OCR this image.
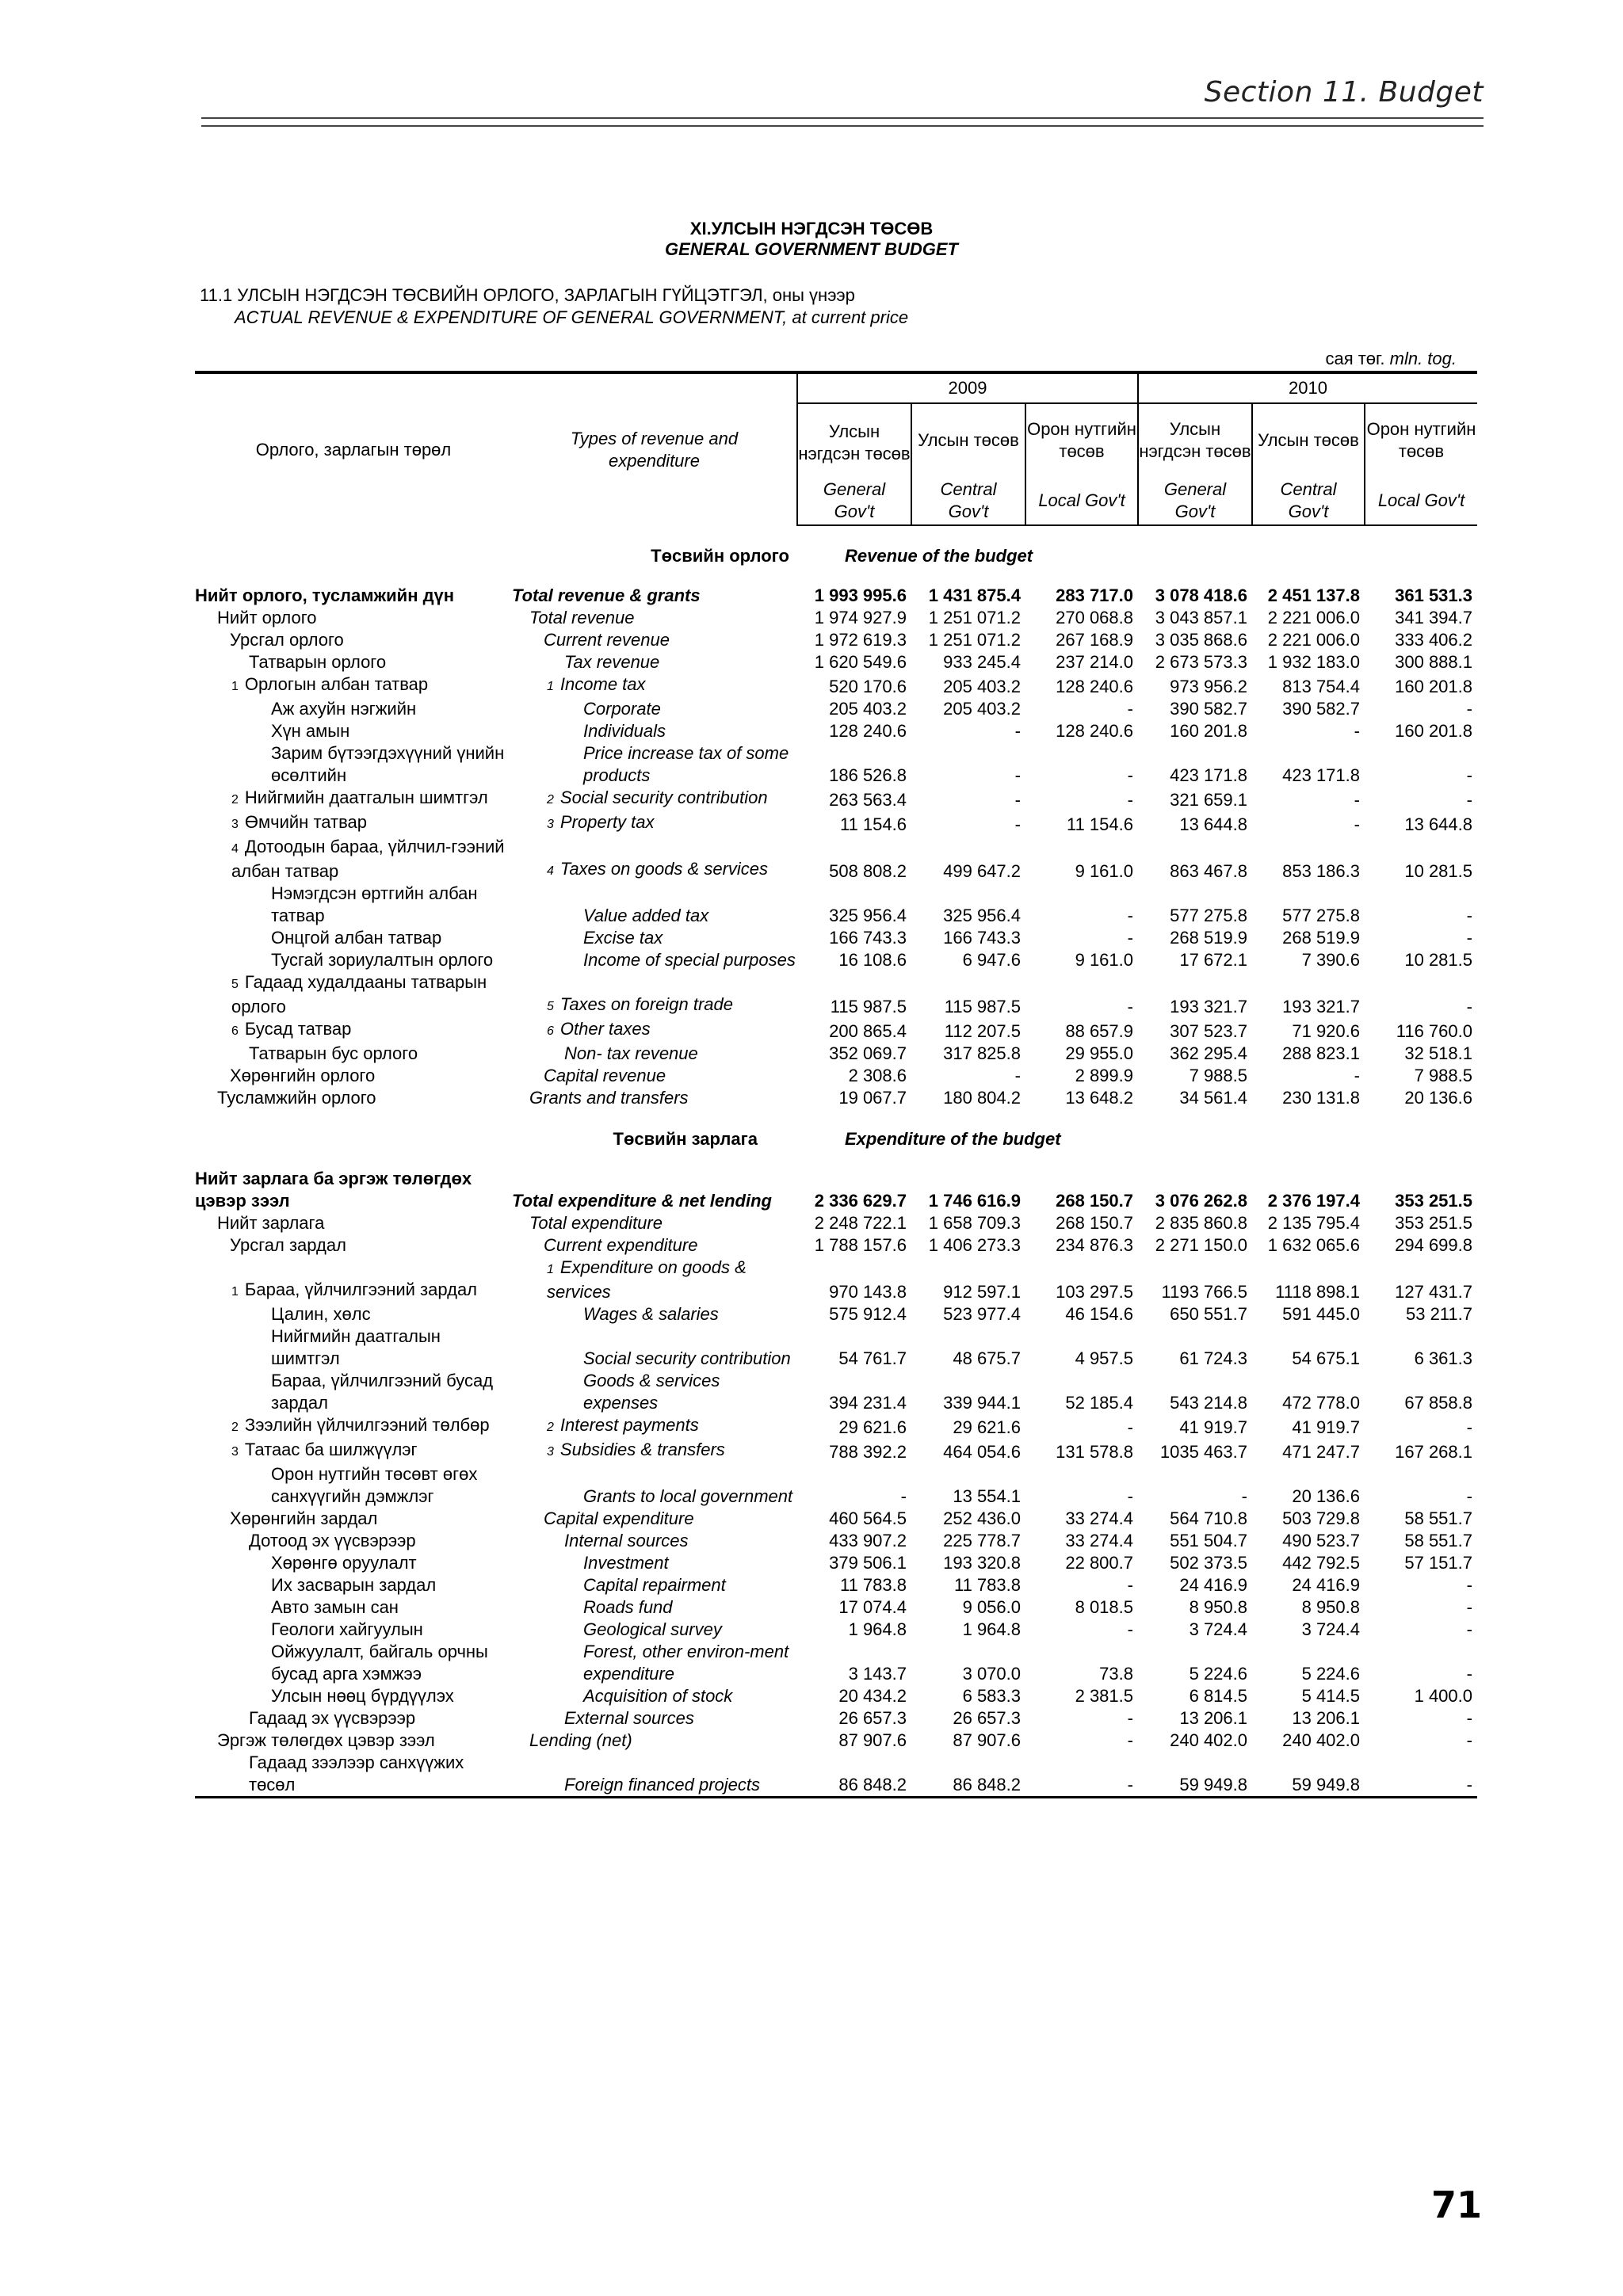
Section 11. Budget
XI.УЛСЫН НЭГДСЭН ТӨСӨВ
GENERAL GOVERNMENT BUDGET
11.1 УЛСЫН НЭГДСЭН ТӨСВИЙН ОРЛОГО, ЗАРЛАГЫН ГҮЙЦЭТГЭЛ, оны үнээр
ACTUAL REVENUE & EXPENDITURE OF GENERAL GOVERNMENT, at current price
сая төг. mln. tog.
Орлого, зарлагын төрөл	Types of revenue and expenditure	2009			2010		
		Улсын нэгдсэн төсөв	Улсын төсөв	Орон нутгийн төсөв	Улсын нэгдсэн төсөв	Улсын төсөв	Орон нутгийн төсөв
		General Gov't	Central Gov't	Local Gov't	General Gov't	Central Gov't	Local Gov't
Төсвийн орлого		Revenue of the budget					
Нийт орлого, тусламжийн дүн	Total revenue & grants	1 993 995.6	1 431 875.4	283 717.0	3 078 418.6	2 451 137.8	361 531.3
Нийт орлого	Total revenue	1 974 927.9	1 251 071.2	270 068.8	3 043 857.1	2 221 006.0	341 394.7
Урсгал орлого	Current revenue	1 972 619.3	1 251 071.2	267 168.9	3 035 868.6	2 221 006.0	333 406.2
Татварын орлого	Tax revenue	1 620 549.6	933 245.4	237 214.0	2 673 573.3	1 932 183.0	300 888.1
1 Орлогын албан татвар	1 Income tax	520 170.6	205 403.2	128 240.6	973 956.2	813 754.4	160 201.8
Аж ахуйн нэгжийн	Corporate	205 403.2	205 403.2	-	390 582.7	390 582.7	-
Хүн амын	Individuals	128 240.6	-	128 240.6	160 201.8	-	160 201.8
Зарим бүтээгдэхүүний үнийн өсөлтийн	Price increase tax of some products	186 526.8	-	-	423 171.8	423 171.8	-
2 Нийгмийн даатгалын шимтгэл	2 Social security contribution	263 563.4	-	-	321 659.1	-	-
3 Өмчийн татвар	3 Property tax	11 154.6	-	11 154.6	13 644.8	-	13 644.8
4 Дотоодын бараа, үйлчил-гээний албан татвар	4 Taxes on goods & services	508 808.2	499 647.2	9 161.0	863 467.8	853 186.3	10 281.5
Нэмэгдсэн өртгийн албан татвар	Value added tax	325 956.4	325 956.4	-	577 275.8	577 275.8	-
Онцгой албан татвар	Excise tax	166 743.3	166 743.3	-	268 519.9	268 519.9	-
Тусгай зориулалтын орлого	Income of special purposes	16 108.6	6 947.6	9 161.0	17 672.1	7 390.6	10 281.5
5 Гадаад худалдааны татварын орлого	5 Taxes on foreign trade	115 987.5	115 987.5	-	193 321.7	193 321.7	-
6 Бусад татвар	6 Other taxes	200 865.4	112 207.5	88 657.9	307 523.7	71 920.6	116 760.0
Татварын бус орлого	Non- tax revenue	352 069.7	317 825.8	29 955.0	362 295.4	288 823.1	32 518.1
Хөрөнгийн орлого	Capital revenue	2 308.6	-	2 899.9	7 988.5	-	7 988.5
Тусламжийн орлого	Grants and transfers	19 067.7	180 804.2	13 648.2	34 561.4	230 131.8	20 136.6
Төсвийн зарлага		Expenditure of the budget					
Нийт зарлага ба эргэж төлөгдөх цэвэр зээл	Total expenditure & net lending	2 336 629.7	1 746 616.9	268 150.7	3 076 262.8	2 376 197.4	353 251.5
Нийт зарлага	Total expenditure	2 248 722.1	1 658 709.3	268 150.7	2 835 860.8	2 135 795.4	353 251.5
Урсгал зардал	Current expenditure	1 788 157.6	1 406 273.3	234 876.3	2 271 150.0	1 632 065.6	294 699.8
1 Бараа, үйлчилгээний зардал	1 Expenditure on goods & services	970 143.8	912 597.1	103 297.5	1193 766.5	1118 898.1	127 431.7
Цалин, хөлс	Wages & salaries	575 912.4	523 977.4	46 154.6	650 551.7	591 445.0	53 211.7
Нийгмийн даатгалын шимтгэл	Social security contribution	54 761.7	48 675.7	4 957.5	61 724.3	54 675.1	6 361.3
Бараа, үйлчилгээний бусад зардал	Goods & services expenses	394 231.4	339 944.1	52 185.4	543 214.8	472 778.0	67 858.8
2 Зээлийн үйлчилгээний төлбөр	2 Interest payments	29 621.6	29 621.6	-	41 919.7	41 919.7	-
3 Татаас ба шилжүүлэг	3 Subsidies & transfers	788 392.2	464 054.6	131 578.8	1035 463.7	471 247.7	167 268.1
Орон нутгийн төсөвт өгөх санхүүгийн дэмжлэг	Grants to local government	-	13 554.1	-	-	20 136.6	-
Хөрөнгийн зардал	Capital expenditure	460 564.5	252 436.0	33 274.4	564 710.8	503 729.8	58 551.7
Дотоод эх үүсвэрээр	Internal sources	433 907.2	225 778.7	33 274.4	551 504.7	490 523.7	58 551.7
Хөрөнгө оруулалт	Investment	379 506.1	193 320.8	22 800.7	502 373.5	442 792.5	57 151.7
Их засварын зардал	Capital repairment	11 783.8	11 783.8	-	24 416.9	24 416.9	-
Авто замын сан	Roads fund	17 074.4	9 056.0	8 018.5	8 950.8	8 950.8	-
Геологи хайгуулын	Geological survey	1 964.8	1 964.8	-	3 724.4	3 724.4	-
Ойжуулалт, байгаль орчны бусад арга хэмжээ	Forest, other environ-ment expenditure	3 143.7	3 070.0	73.8	5 224.6	5 224.6	-
Улсын нөөц бүрдүүлэх	Acquisition of stock	20 434.2	6 583.3	2 381.5	6 814.5	5 414.5	1 400.0
Гадаад эх үүсвэрээр	External sources	26 657.3	26 657.3	-	13 206.1	13 206.1	-
Эргэж төлөгдөх цэвэр зээл	Lending (net)	87 907.6	87 907.6	-	240 402.0	240 402.0	-
Гадаад зээлээр санхүүжих төсөл	Foreign financed projects	86 848.2	86 848.2	-	59 949.8	59 949.8	-
71
